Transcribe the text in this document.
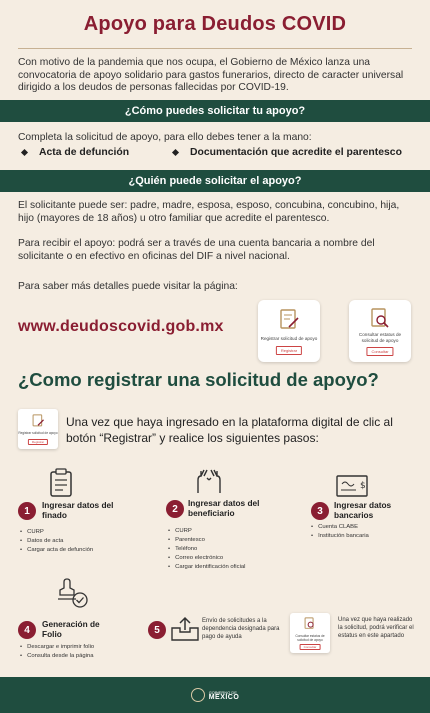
Apoyo para Deudos COVID

Con motivo de la pandemia que nos ocupa, el Gobierno de México lanza una convocatoria de apoyo solidario para gastos funerarios, directo de caracter universal dirigido a los deudos de personas fallecidas por COVID-19.

¿Cómo puedes solicitar tu apoyo?

Completa la solicitud de apoyo, para ello debes tener a la mano:

Acta de defunción	Documentación que acredite el parentesco
¿Quién puede solicitar el apoyo?

El solicitante puede ser: padre, madre, esposa, esposo, concubina, concubino, hija, hijo (mayores de 18 años) u otro familiar que acredite el parentesco.

Para recibir el apoyo: podrá ser a través de una cuenta bancaria a nombre del solicitante o en efectivo en oficinas del DIF a nivel nacional.

Para saber más detalles puede visitar la página:

www.deudoscovid.gob.mx
Registrar solicitud de apoyo
Registrar
Consultar estatus de solicitud de apoyo
Consultar
¿Como registrar una solicitud de apoyo?
Registrar solicitud de apoyo
Registrar

Una vez que haya ingresado en la plataforma digital de clic al botón “Registrar” y realice los siguientes pasos:

1
Ingresar datos del finado
• CURP
• Datos de acta
• Cargar acta de defunción
2
Ingresar datos del beneficiario
• CURP
• Parentesco
• Teléfono
• Correo electrónico
• Cargar identificación oficial
$
3
Ingresar datos bancarios
• Cuenta CLABE
• Institución bancaria
4
Generación de Folio
• Descargar e imprimir folio
• Consulta desde la página
5
Envío de solicitudes a la dependencia designada para pago de ayuda	Consultar estatus de solicitud de apoyo
Consultar
Una vez que haya realizado la solicitud, podrá verificar el estatus en este apartado
GOBIERNO DE
MÉXICO
